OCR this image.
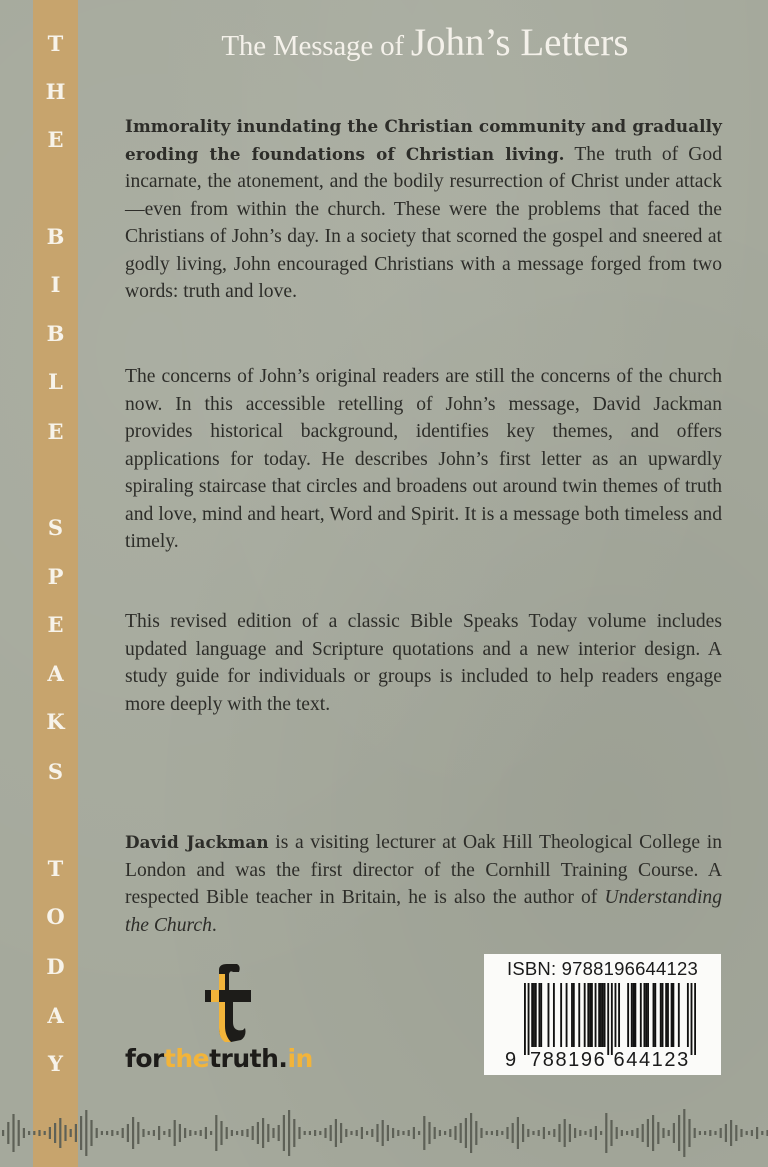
T
H
E
B
I
B
L
E
S
P
E
A
K
S
T
O
D
A
Y
The Message of John’s Letters

Immorality inundating the Christian community and gradually eroding the foundations of Christian living. The truth of God incarnate, the atonement, and the bodily resurrection of Christ under attack—even from within the church. These were the problems that faced the Christians of John’s day. In a society that scorned the gospel and sneered at godly living, John encouraged Christians with a message forged from two words: truth and love.

The concerns of John’s original readers are still the concerns of the church now. In this accessible retelling of John’s message, David Jackman provides historical background, identifies key themes, and offers applications for today. He describes John’s first letter as an upwardly spiraling staircase that circles and broadens out around twin themes of truth and love, mind and heart, Word and Spirit. It is a message both timeless and timely.

This revised edition of a classic Bible Speaks Today volume includes updated language and Scripture quotations and a new interior design. A study guide for individuals or groups is included to help readers engage more deeply with the text.

David Jackman is a visiting lecturer at Oak Hill Theological College in London and was the first director of the Cornhill Training Course. A respected Bible teacher in Britain, he is also the author of Understanding the Church.

forthetruth.in
ISBN: 9788196644123
9 788196 644123
